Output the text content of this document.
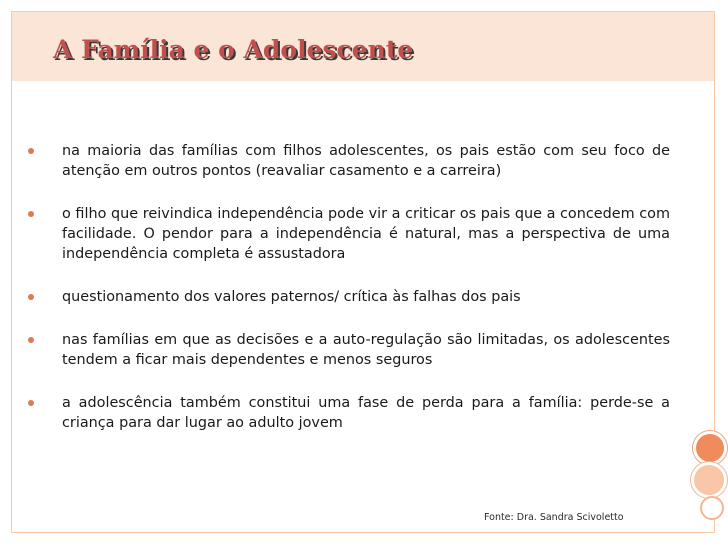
A Família e o Adolescente
na maioria das famílias com filhos adolescentes, os pais estão com seu foco de atenção em outros pontos (reavaliar casamento e a carreira)
o filho que reivindica independência pode vir a criticar os pais que a concedem com facilidade. O pendor para a independência é natural, mas a perspectiva de uma independência completa é assustadora
questionamento dos valores paternos/ crítica às falhas dos pais
nas famílias em que as decisões e a auto-regulação são limitadas, os adolescentes tendem a ficar mais dependentes e menos seguros
a adolescência também constitui uma fase de perda para a família: perde-se a criança para dar lugar ao adulto jovem

Fonte: Dra. Sandra Scivoletto
